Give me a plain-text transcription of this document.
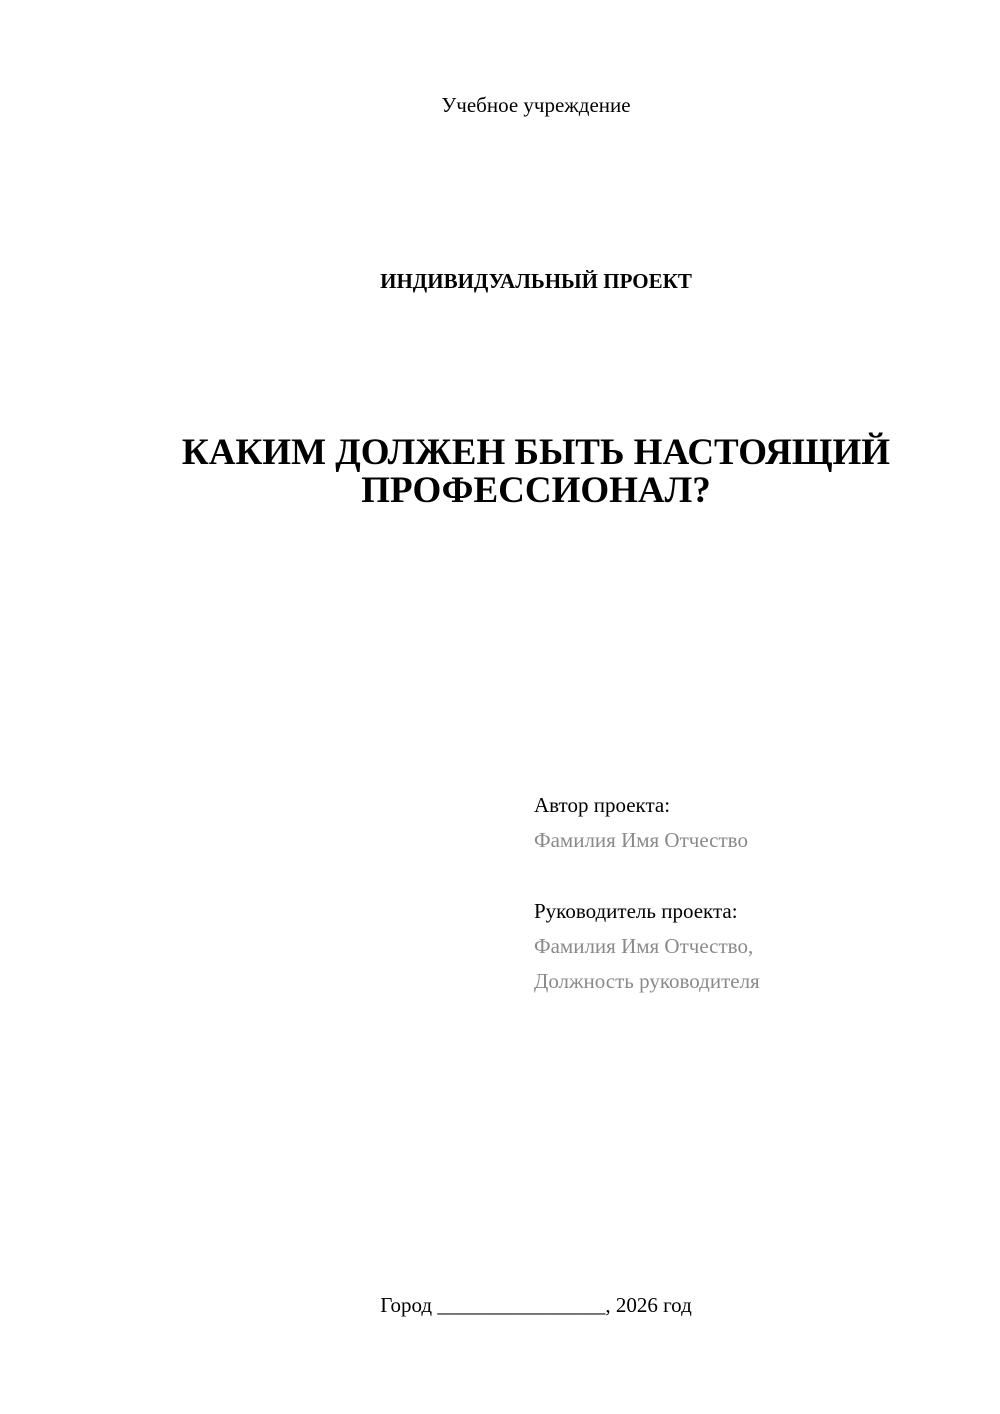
Учебное учреждение
ИНДИВИДУАЛЬНЫЙ ПРОЕКТ
КАКИМ ДОЛЖЕН БЫТЬ НАСТОЯЩИЙ
ПРОФЕССИОНАЛ?
Автор проекта:
Фамилия Имя Отчество
Руководитель проекта:
Фамилия Имя Отчество,
Должность руководителя
Город ________________, 2026 год
